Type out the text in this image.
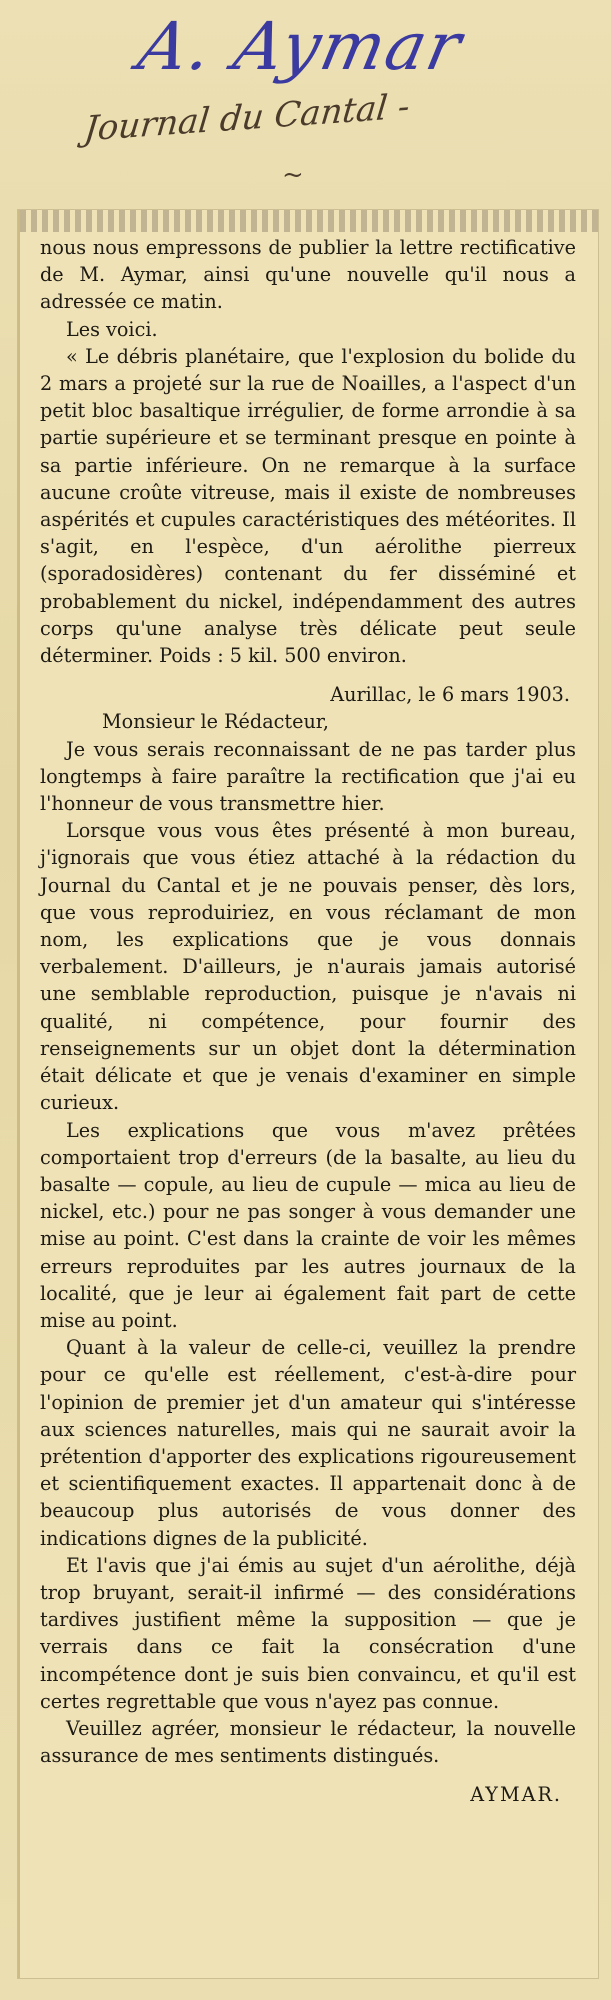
A. Aymar
Journal du Cantal -
~

nous nous empressons de publier la lettre rectificative de M. Aymar, ainsi qu'une nouvelle qu'il nous a adressée ce matin.

Les voici.

« Le débris planétaire, que l'explosion du bolide du 2 mars a projeté sur la rue de Noailles, a l'aspect d'un petit bloc basaltique irrégulier, de forme arrondie à sa partie supérieure et se terminant presque en pointe à sa partie inférieure. On ne remarque à la surface aucune croûte vitreuse, mais il existe de nombreuses aspérités et cupules caractéristiques des météorites. Il s'agit, en l'espèce, d'un aérolithe pierreux (sporadosidères) contenant du fer disséminé et probablement du nickel, indépendamment des autres corps qu'une analyse très délicate peut seule déterminer. Poids : 5 kil. 500 environ.

Aurillac, le 6 mars 1903.

Monsieur le Rédacteur,

Je vous serais reconnaissant de ne pas tarder plus longtemps à faire paraître la rectification que j'ai eu l'honneur de vous transmettre hier.

Lorsque vous vous êtes présenté à mon bureau, j'ignorais que vous étiez attaché à la rédaction du Journal du Cantal et je ne pouvais penser, dès lors, que vous reproduiriez, en vous réclamant de mon nom, les explications que je vous donnais verbalement. D'ailleurs, je n'aurais jamais autorisé une semblable reproduction, puisque je n'avais ni qualité, ni compétence, pour fournir des renseignements sur un objet dont la détermination était délicate et que je venais d'examiner en simple curieux.

Les explications que vous m'avez prêtées comportaient trop d'erreurs (de la basalte, au lieu du basalte — copule, au lieu de cupule — mica au lieu de nickel, etc.) pour ne pas songer à vous demander une mise au point. C'est dans la crainte de voir les mêmes erreurs reproduites par les autres journaux de la localité, que je leur ai également fait part de cette mise au point.

Quant à la valeur de celle-ci, veuillez la prendre pour ce qu'elle est réellement, c'est-à-dire pour l'opinion de premier jet d'un amateur qui s'intéresse aux sciences naturelles, mais qui ne saurait avoir la prétention d'apporter des explications rigoureusement et scientifiquement exactes. Il appartenait donc à de beaucoup plus autorisés de vous donner des indications dignes de la publicité.

Et l'avis que j'ai émis au sujet d'un aérolithe, déjà trop bruyant, serait-il infirmé — des considérations tardives justifient même la supposition — que je verrais dans ce fait la consécration d'une incompétence dont je suis bien convaincu, et qu'il est certes regrettable que vous n'ayez pas connue.

Veuillez agréer, monsieur le rédacteur, la nouvelle assurance de mes sentiments distingués.

AYMAR.
